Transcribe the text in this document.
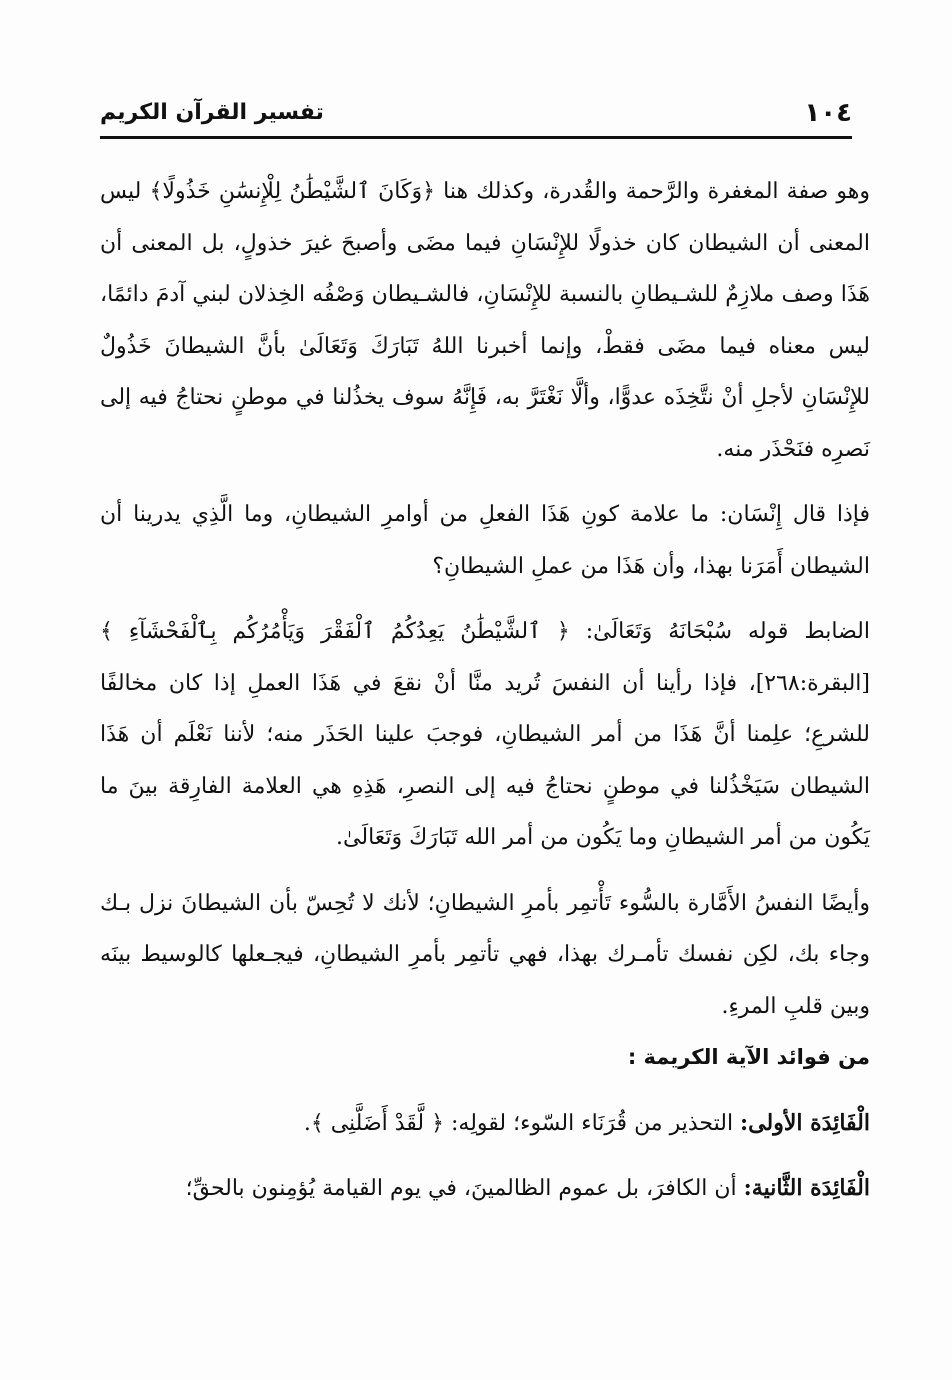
١٠٤
تفسير القرآن الكريم

وهو صفة المغفرة والرَّحمة والقُدرة، وكذلك هنا ﴿وَكَانَ ٱلشَّيْطَٰنُ لِلْإِنسَٰنِ خَذُولًا﴾ ليس المعنى أن الشيطان كان خذولًا للإِنْسَانِ فيما مضَى وأصبحَ غيرَ خذولٍ، بل المعنى أن هَذَا وصف ملازِمٌ للشـيطانِ بالنسبة للإِنْسَانِ، فالشـيطان وَصْفُه الخِذلان لبني آدمَ دائمًا، ليس معناه فيما مضَى فقطْ، وإنما أخبرنا اللهُ تَبَارَكَ وَتَعَالَىٰ بأنَّ الشيطانَ خَذُولٌ للإِنْسَانِ لأجلِ أنْ نتَّخِذَه عدوًّا، وألَّا نَغْتَرَّ به، فَإِنَّهُ سوف يخذُلنا في موطنٍ نحتاجُ فيه إلى نَصرِه فنَحْذَر منه.

فإذا قال إِنْسَان: ما علامة كونِ هَذَا الفعلِ من أوامرِ الشيطانِ، وما الَّذِي يدرينا أن الشيطان أَمَرَنا بهذا، وأن هَذَا من عملِ الشيطانِ؟

الضابط قوله سُبْحَانَهُ وَتَعَالَىٰ: ﴿ ٱلشَّيْطَٰنُ يَعِدُكُمُ ٱلْفَقْرَ وَيَأْمُرُكُم بِٱلْفَحْشَآءِ ﴾ [البقرة:٢٦٨]، فإذا رأينا أن النفسَ تُريد منَّا أنْ نقعَ في هَذَا العملِ إذا كان مخالفًا للشرعِ؛ علِمنا أنَّ هَذَا من أمر الشيطانِ، فوجبَ علينا الحَذَر منه؛ لأننا نَعْلَم أن هَذَا الشيطان سَيَخْذُلنا في موطنٍ نحتاجُ فيه إلى النصرِ، هَذِهِ هي العلامة الفارِقة بينَ ما يَكُون من أمر الشيطانِ وما يَكُون من أمر الله تَبَارَكَ وَتَعَالَىٰ.

وأيضًا النفسُ الأَمَّارة بالسُّوء تَأْتمِر بأمرِ الشيطانِ؛ لأنك لا تُحِسّ بأن الشيطانَ نزل بـك وجاء بك، لكِن نفسك تأمـرك بهذا، فهي تأتمِر بأمرِ الشيطانِ، فيجـعلها كالوسيط بينَه وبين قلبِ المرءِ.

من فوائد الآية الكريمة :

الْفَائِدَة الأولى: التحذير من قُرَنَاء السّوء؛ لقولِه: ﴿ لَّقَدْ أَضَلَّنِى ﴾.

الْفَائِدَة الثَّانية: أن الكافرَ، بل عموم الظالمينَ، في يوم القيامة يُؤمِنون بالحقِّ؛
